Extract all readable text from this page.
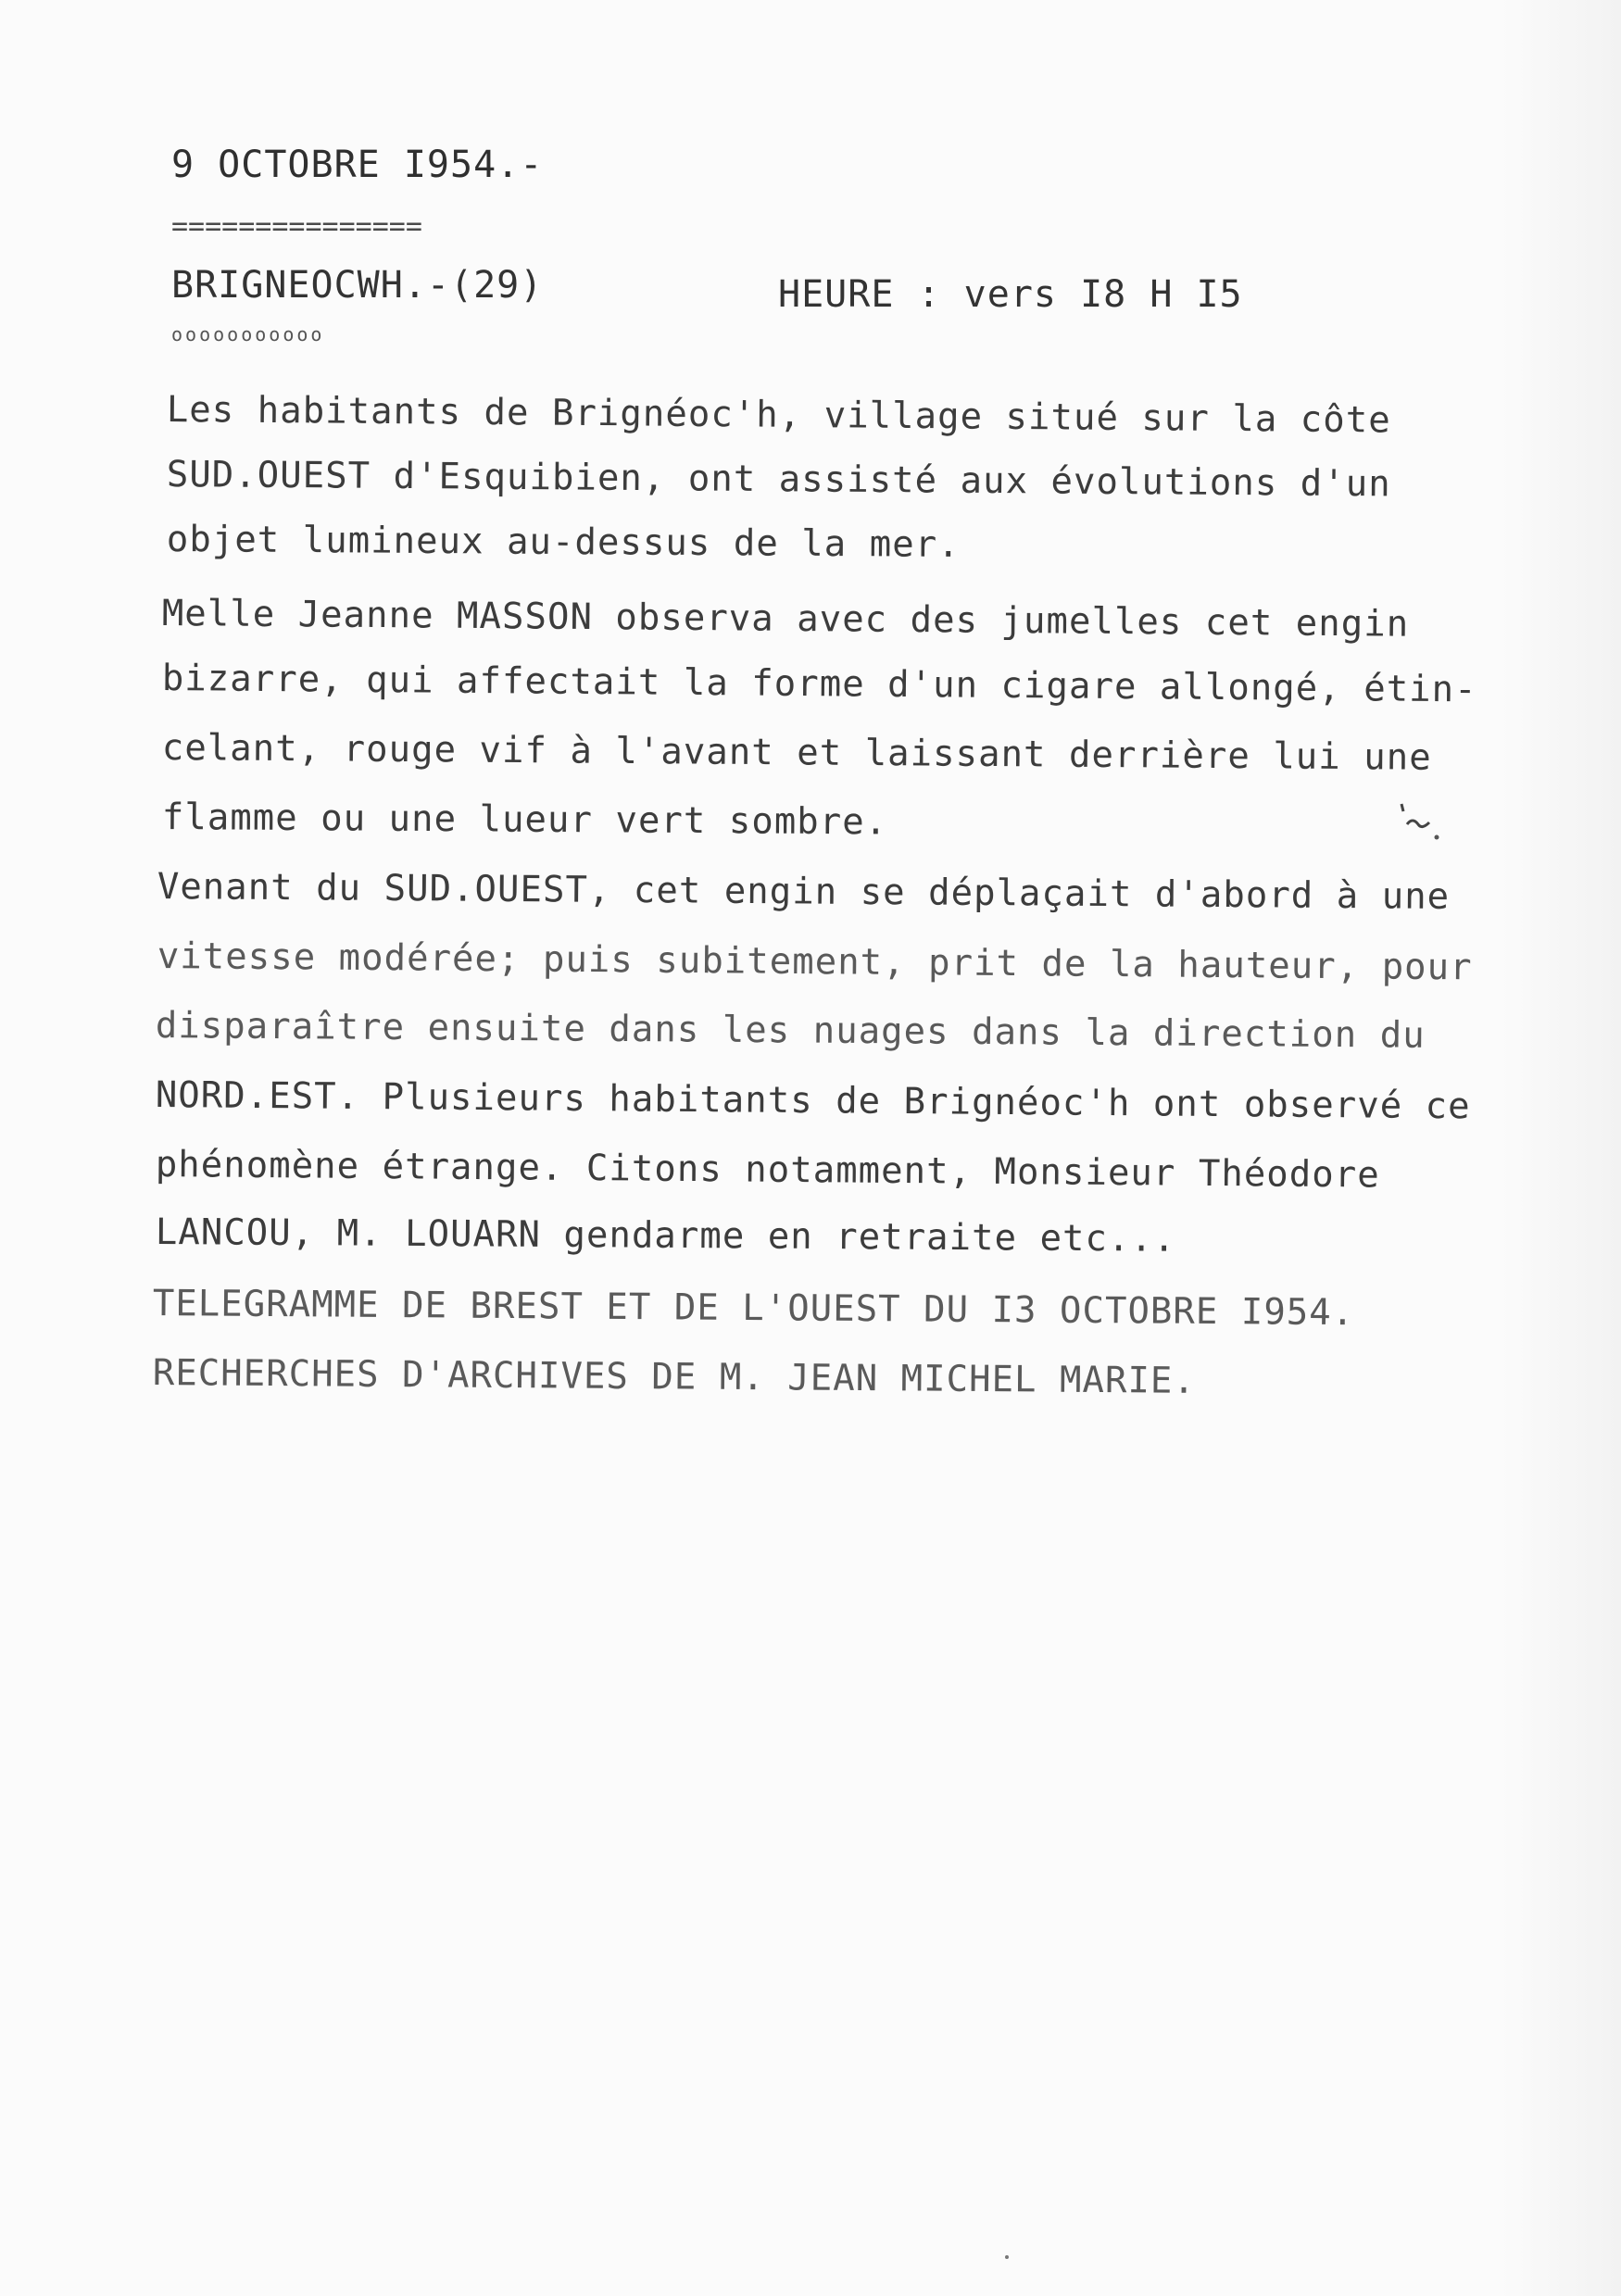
9 OCTOBRE I954.-
===============
BRIGNEOCWH.-(29)
ooooooooooo
HEURE : vers I8 H I5
Les habitants de Brignéoc'h, village situé sur la côte
SUD.OUEST d'Esquibien, ont assisté aux évolutions d'un
objet lumineux au-dessus de la mer.
Melle Jeanne MASSON observa avec des jumelles cet engin
bizarre, qui affectait la forme d'un cigare allongé, étin-
celant, rouge vif à l'avant et laissant derrière lui une
flamme ou une lueur vert sombre.
Venant du SUD.OUEST, cet engin se déplaçait d'abord à une
vitesse modérée; puis subitement, prit de la hauteur, pour
disparaître ensuite dans les nuages dans la direction du
NORD.EST. Plusieurs habitants de Brignéoc'h ont observé ce
phénomène étrange. Citons notamment, Monsieur Théodore
LANCOU, M. LOUARN gendarme en retraite etc...
TELEGRAMME DE BREST ET DE L'OUEST DU I3 OCTOBRE I954.
RECHERCHES D'ARCHIVES DE M. JEAN MICHEL MARIE.
